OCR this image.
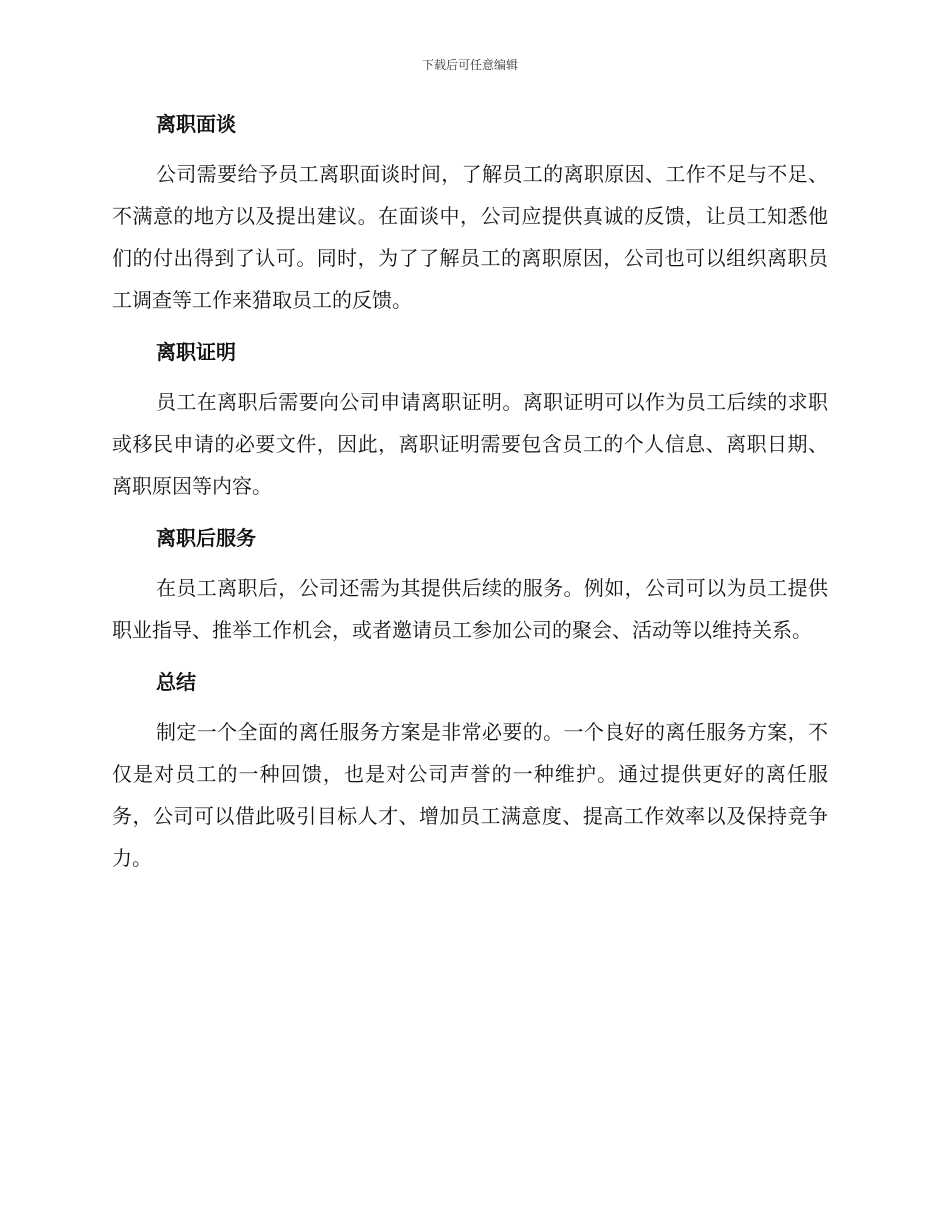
下载后可任意编辑
离职面谈

公司需要给予员工离职面谈时间，了解员工的离职原因、工作不足与不足、不满意的地方以及提出建议。在面谈中，公司应提供真诚的反馈，让员工知悉他们的付出得到了认可。同时，为了了解员工的离职原因，公司也可以组织离职员工调查等工作来猎取员工的反馈。

离职证明

员工在离职后需要向公司申请离职证明。离职证明可以作为员工后续的求职或移民申请的必要文件，因此，离职证明需要包含员工的个人信息、离职日期、离职原因等内容。

离职后服务

在员工离职后，公司还需为其提供后续的服务。例如，公司可以为员工提供职业指导、推举工作机会，或者邀请员工参加公司的聚会、活动等以维持关系。

总结

制定一个全面的离任服务方案是非常必要的。一个良好的离任服务方案，不仅是对员工的一种回馈，也是对公司声誉的一种维护。通过提供更好的离任服务，公司可以借此吸引目标人才、增加员工满意度、提高工作效率以及保持竞争力。
